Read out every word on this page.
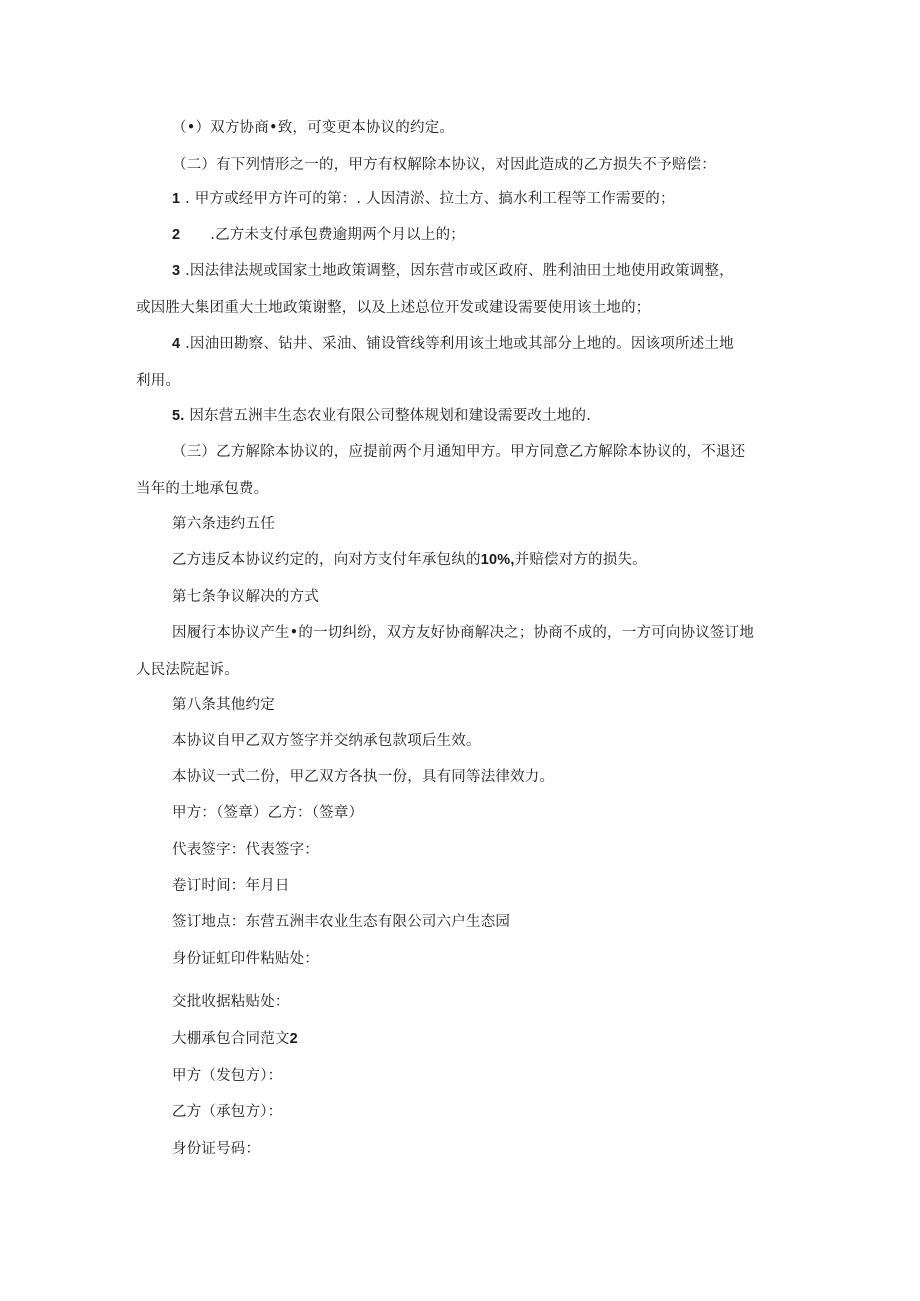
（•）双方协商•致，可变更本协议的约定。
（二）有下列情形之一的，甲方有权解除本协议，对因此造成的乙方损失不予赔偿：
1 . 甲方或经甲方许可的第：. 人因清淤、拉土方、搞水利工程等工作需要的；
2 .乙方未支付承包费逾期两个月以上的；
3 .因法律法规或国家土地政策调整，因东营市或区政府、胜利油田土地使用政策调整，
或因胜大集团重大土地政策谢整，以及上述总位开发或建设需要使用该土地的；
4 .因油田勘察、钻井、采油、铺设管线等利用该土地或其部分上地的。因该项所述土地
利用。
5. 因东营五洲丰生态农业有限公司整体规划和建设需要改土地的.
（三）乙方解除本协议的，应提前两个月通知甲方。甲方同意乙方解除本协议的，不退还
当年的土地承包费。
第六条违约五任
乙方违反本协议约定的，向对方支付年承包纨的10%,并赔偿对方的损失。
第七条争议解决的方式
因履行本协议产生•的一切纠纷，双方友好协商解决之；协商不成的，一方可向协议签订地
人民法院起诉。
第八条其他约定
本协议自甲乙双方签字并交纳承包款项后生效。
本协议一式二份，甲乙双方各执一份，具有同等法律效力。
甲方：（签章）乙方：（签章）
代表签字：代表签字：
卷订时间：年月日
签订地点：东营五洲丰农业生态有限公司六户生态园
身份证虹印件粘贴处：
交批收据粘贴处：
大棚承包合同范文2
甲方（发包方）：
乙方（承包方）：
身份证号码：
